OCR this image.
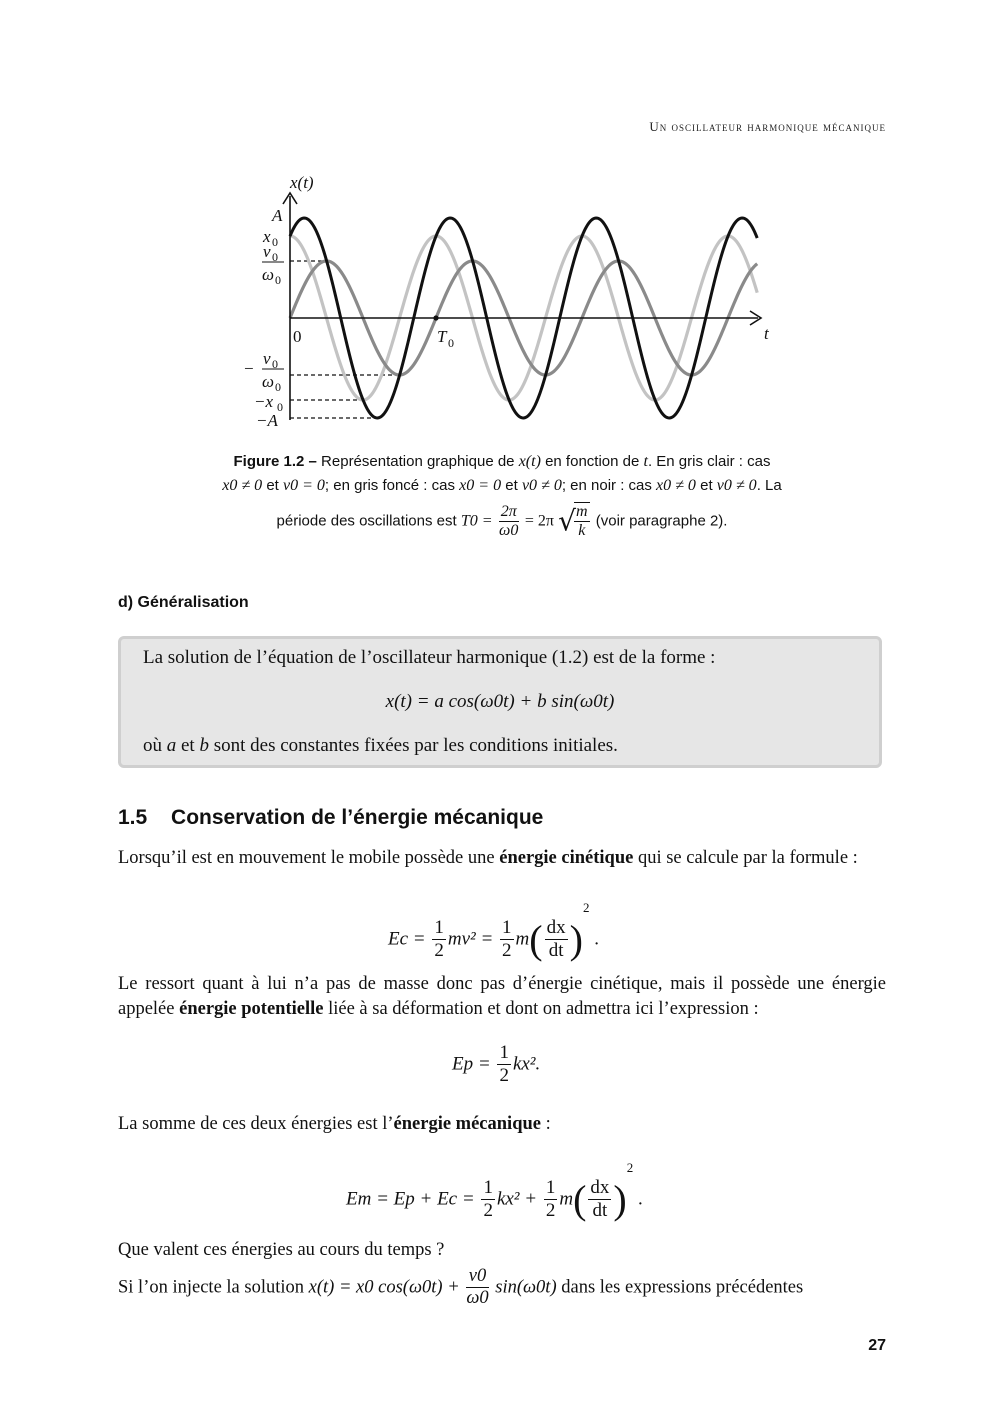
Un oscillateur harmonique mécanique
x(t)
t
0	T 0
A
x 0
v 0
ω 0
−
v 0
ω 0
−x 0
−A
Figure 1.2 – Représentation graphique de x(t) en fonction de t. En gris clair : cas
x0 ≠ 0 et v0 = 0; en gris foncé : cas x0 = 0 et v0 ≠ 0; en noir : cas x0 ≠ 0 et v0 ≠ 0. La
période des oscillations est $T0 = \frac{2\pi}{\omega 0} = 2\pi$ √
$\frac{m}{k}$ (voir paragraphe 2).
d) Généralisation
La solution de l’équation de l’oscillateur harmonique (1.2) est de la forme :
x(t) = a cos(ω0t) + b sin(ω0t)
où a et b sont des constantes fixées par les conditions initiales.
1.5 Conservation de l’énergie mécanique
Lorsqu’il est en mouvement le mobile possède une énergie cinétique qui se calcule par la formule :
$Ec = \frac{1}{2} mv^2 = \frac{1}{2} m( \frac{dx}{dt} )^2$ .
Le ressort quant à lui n’a pas de masse donc pas d’énergie cinétique, mais il possède une énergie appelée énergie potentielle liée à sa déformation et dont on admettra ici l’expression :
$Ep = \frac{1}{2} kx^2$.
La somme de ces deux énergies est l’énergie mécanique :
$Em = Ep + Ec = \frac{1}{2} kx^2 + \frac{1}{2} m( \frac{dx}{dt} )^2$ .
Que valent ces énergies au cours du temps ?
Si l’on injecte la solution x(t) = x0 $\cos(\omega 0t) + \frac{v0}{\omega 0} \sin(\omega 0t)$ dans les expressions précédentes
27
